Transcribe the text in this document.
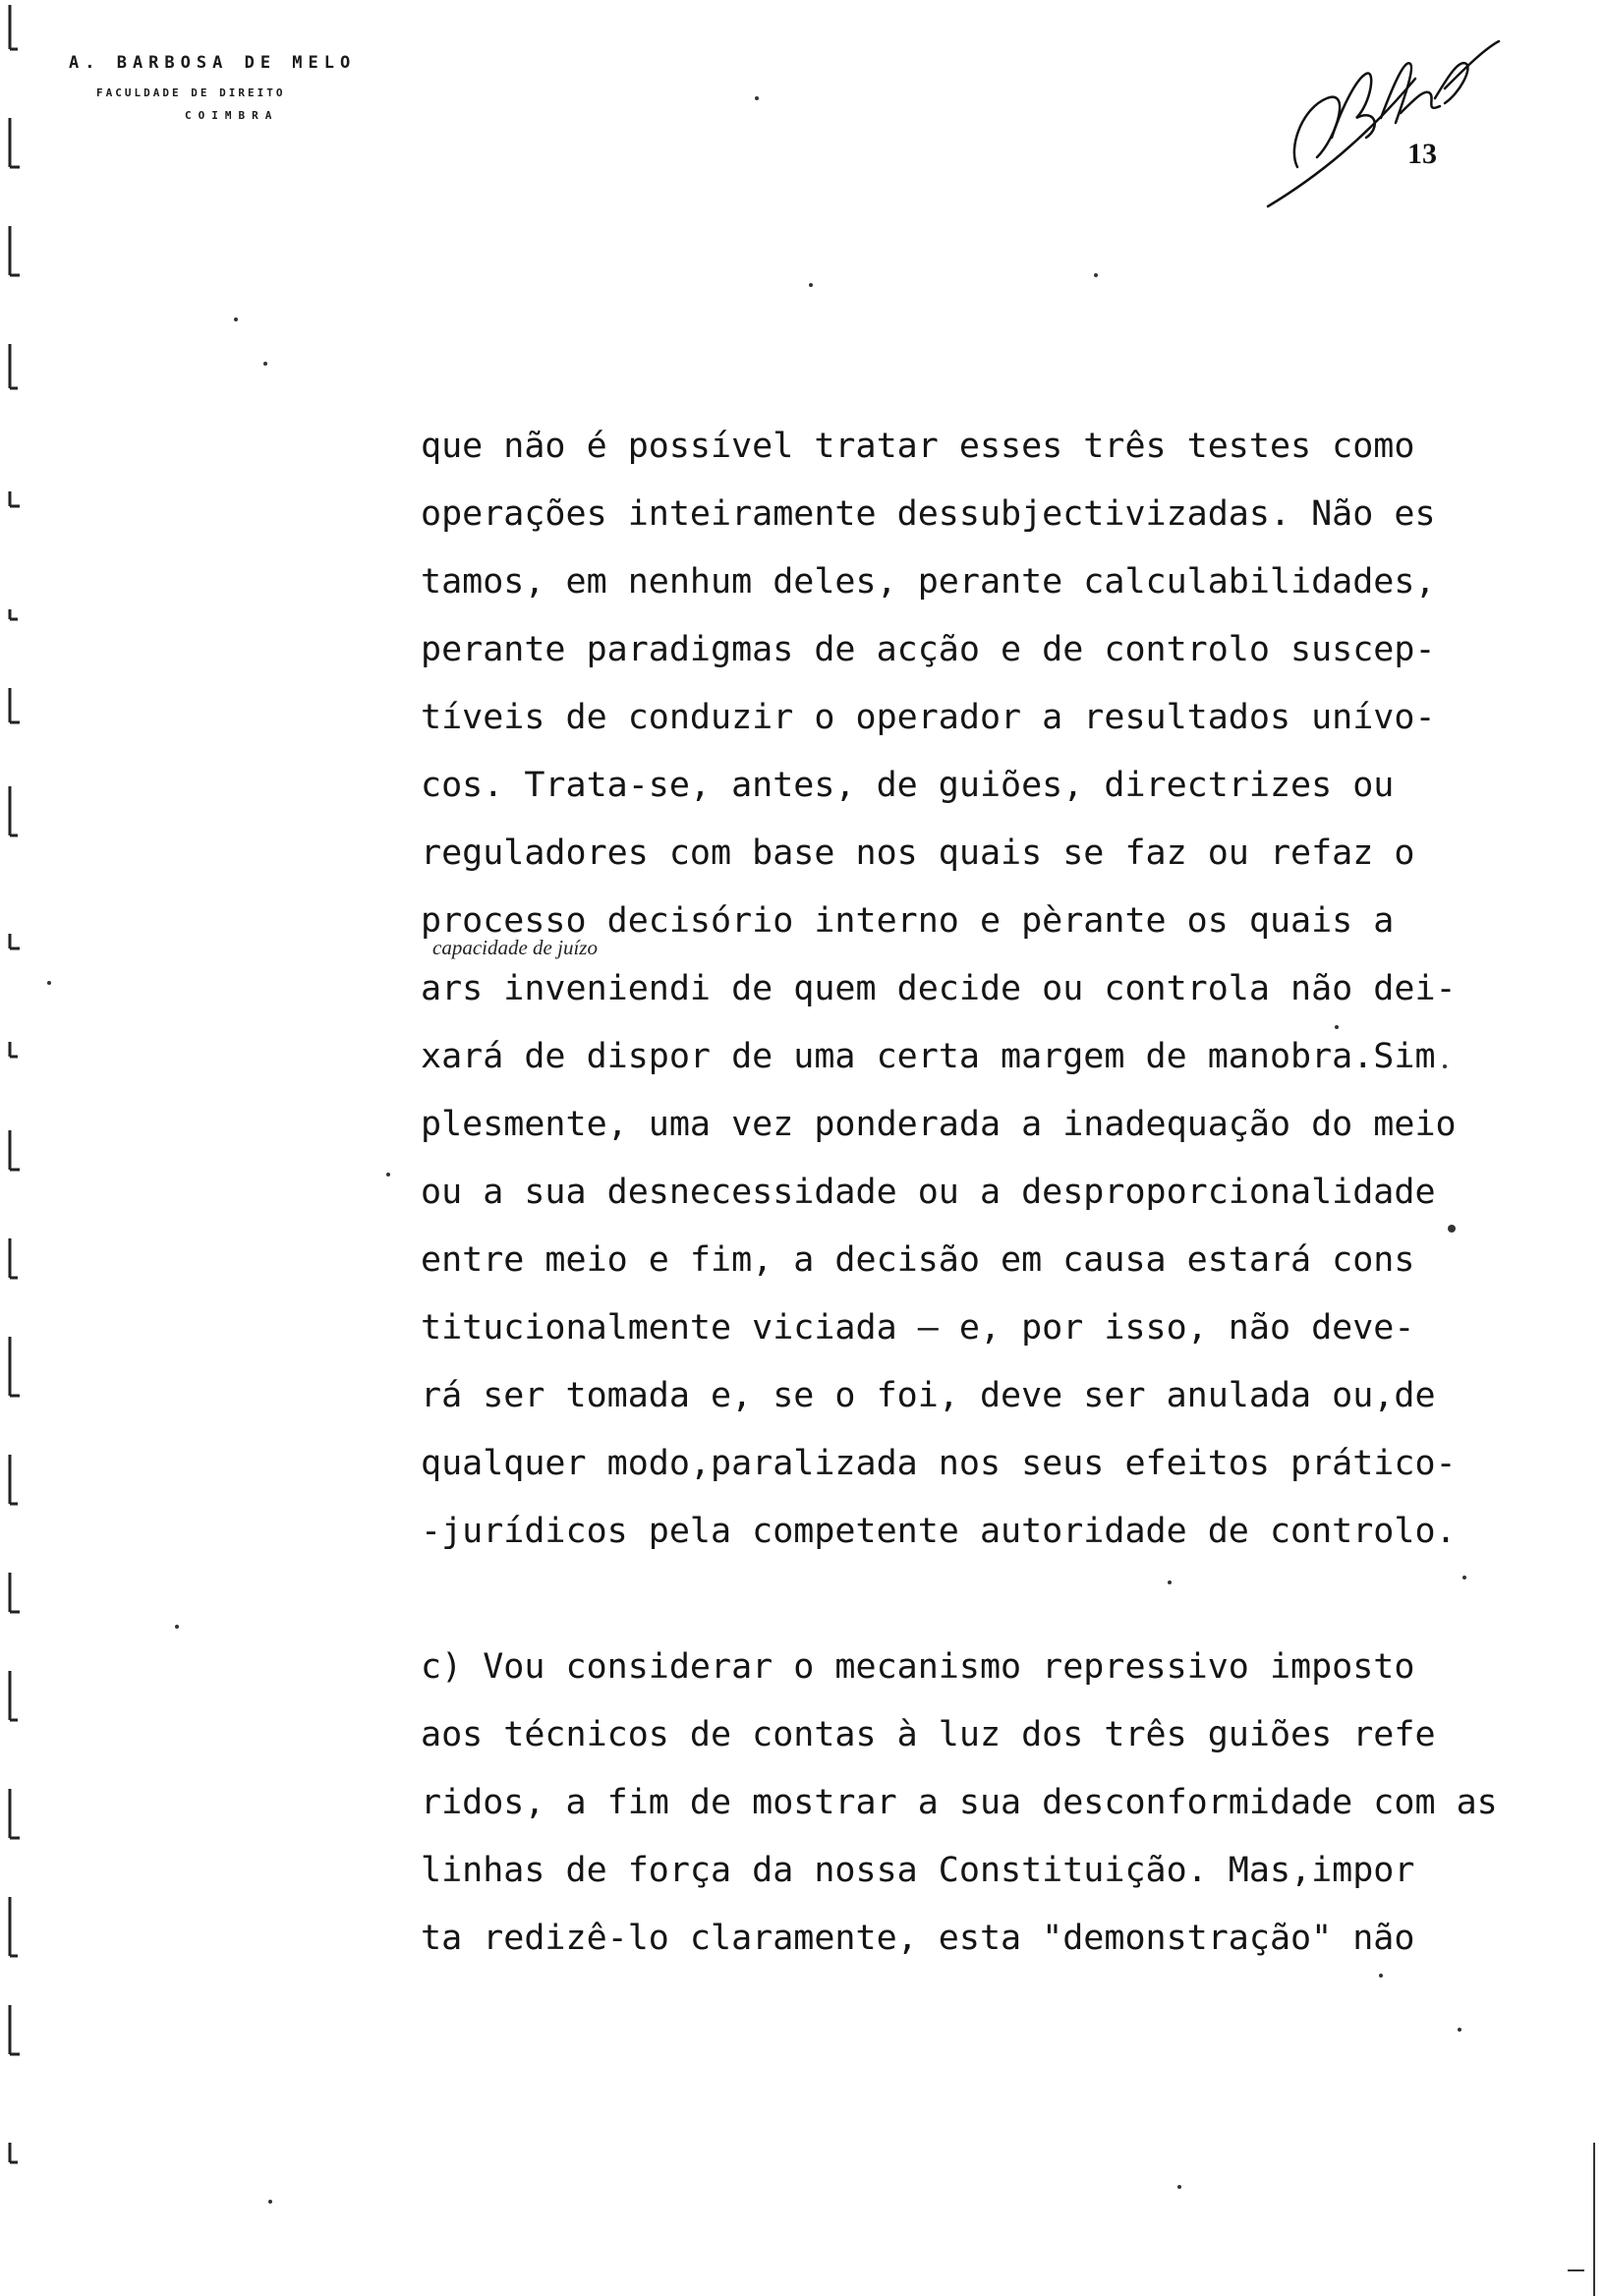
A. BARBOSA DE MELO
FACULDADE DE DIREITO
COIMBRA
13
capacidade de juízo
que não é possível tratar esses três testes como
operações inteiramente dessubjectivizadas. Não es
tamos, em nenhum deles, perante calculabilidades,
perante paradigmas de acção e de controlo suscep-
tíveis de conduzir o operador a resultados unívo-
cos. Trata-se, antes, de guiões, directrizes ou
reguladores com base nos quais se faz ou refaz o
processo decisório interno e pèrante os quais a
ars inveniendi de quem decide ou controla não dei-
xará de dispor de uma certa margem de manobra.Sim
plesmente, uma vez ponderada a inadequação do meio
ou a sua desnecessidade ou a desproporcionalidade
entre meio e fim, a decisão em causa estará cons
titucionalmente viciada — e, por isso, não deve-
rá ser tomada e, se o foi, deve ser anulada ou,de
qualquer modo,paralizada nos seus efeitos prático-
-jurídicos pela competente autoridade de controlo.
c) Vou considerar o mecanismo repressivo imposto
aos técnicos de contas à luz dos três guiões refe
ridos, a fim de mostrar a sua desconformidade com as
linhas de força da nossa Constituição. Mas,impor
ta redizê-lo claramente, esta "demonstração" não
